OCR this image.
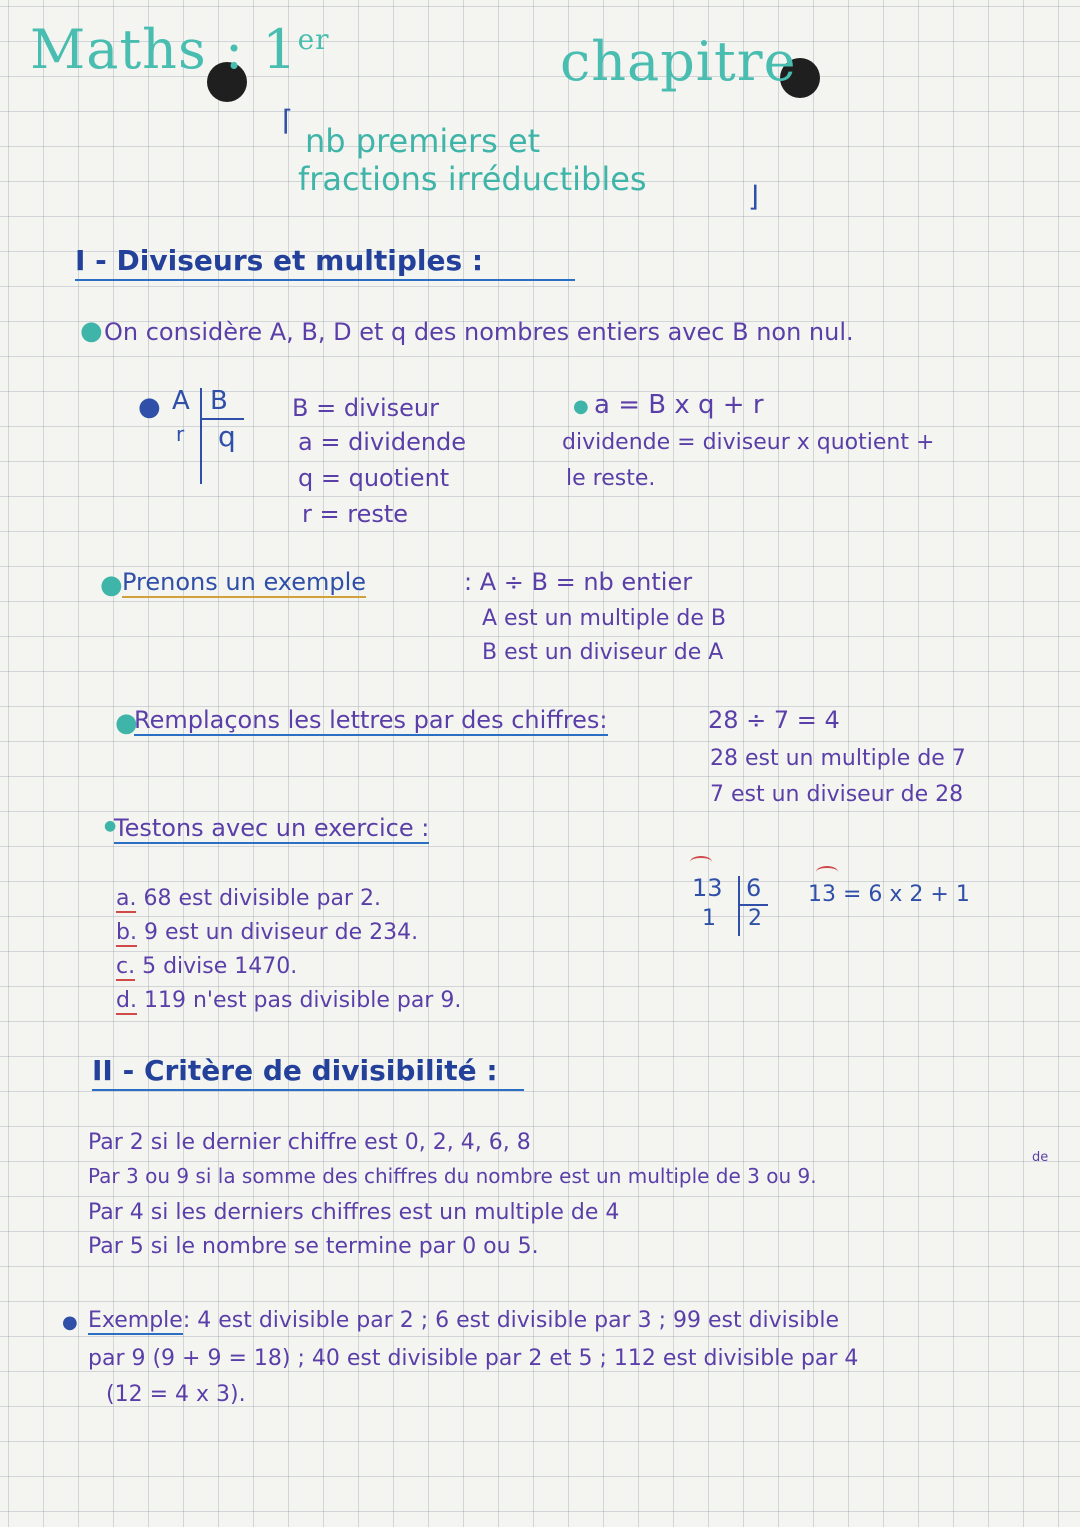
Maths : 1er	chapitre
⌈
nb premiers et
fractions irréductibles	⌋
I - Diviseurs et multiples :
● On considère A, B, D et q des nombres entiers avec B non nul.
● A B
r q
B = diviseur
a = dividende
q = quotient
r = reste
● a = B x q + r
dividende = diviseur x quotient +
le reste.
● Prenons un exemple	: A ÷ B = nb entier
A est un multiple de B
B est un diviseur de A
●
Remplaçons les lettres par des chiffres:	28 ÷ 7 = 4
28 est un multiple de 7
7 est un diviseur de 28
●
Testons avec un exercice :
a. 68 est divisible par 2.
b. 9 est un diviseur de 234.
c. 5 divise 1470.
d. 119 n'est pas divisible par 9.
13 6
1 2
13 = 6 x 2 + 1
II - Critère de divisibilité :
Par 2 si le dernier chiffre est 0, 2, 4, 6, 8
Par 3 ou 9 si la somme des chiffres du nombre est un multiple de 3 ou 9.
de
Par 4 si les derniers chiffres est un multiple de 4
Par 5 si le nombre se termine par 0 ou 5.
● Exemple: 4 est divisible par 2 ; 6 est divisible par 3 ; 99 est divisible
par 9 (9 + 9 = 18) ; 40 est divisible par 2 et 5 ; 112 est divisible par 4
(12 = 4 x 3).
